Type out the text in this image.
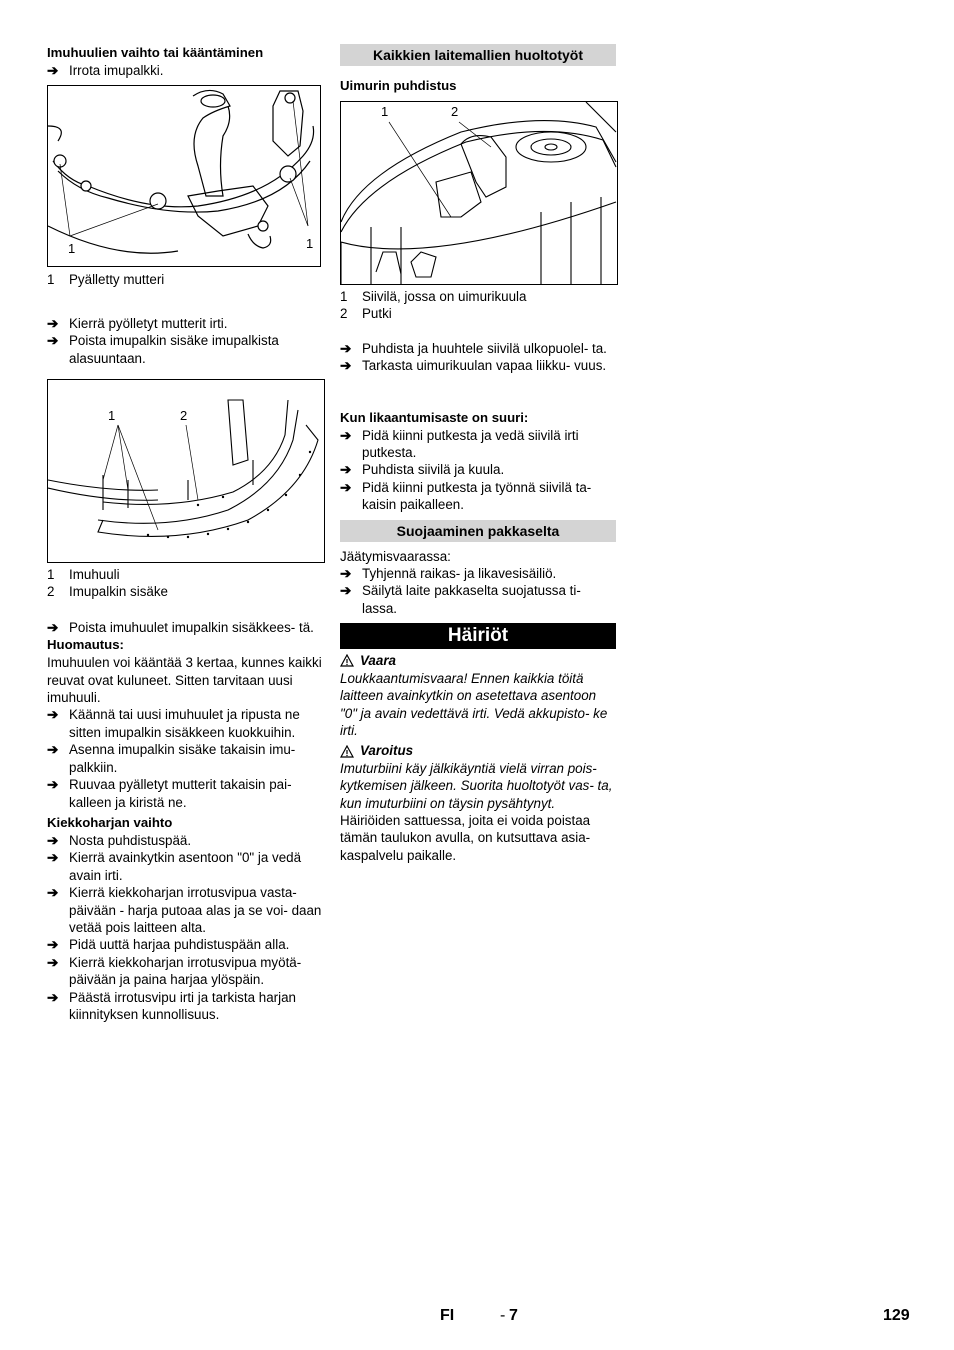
Imuhuulien vaihto tai kääntäminen
➔ Irrota imupalkki.
1	1
1	Pyälletty mutteri
➔ Kierrä pyölletyt mutterit irti.
➔ Poista imupalkin sisäke imupalkista alasuuntaan.
1	2
1	Imuhuuli
2	Imupalkin sisäke
➔ Poista imuhuulet imupalkin sisäkkees- tä.
Huomautus:
Imuhuulen voi kääntää 3 kertaa, kunnes kaikki reuvat ovat kuluneet. Sitten tarvitaan uusi imuhuuli.
➔ Käännä tai uusi imuhuulet ja ripusta ne sitten imupalkin sisäkkeen kuokkuihin.
➔ Asenna imupalkin sisäke takaisin imu- palkkiin.
➔ Ruuvaa pyälletyt mutterit takaisin pai- kalleen ja kiristä ne.
Kiekkoharjan vaihto
➔ Nosta puhdistuspää.
➔ Kierrä avainkytkin asentoon "0" ja vedä avain irti.
➔ Kierrä kiekkoharjan irrotusvipua vasta- päivään - harja putoaa alas ja se voi- daan vetää pois laitteen alta.
➔ Pidä uuttä harjaa puhdistuspään alla.
➔ Kierrä kiekkoharjan irrotusvipua myötä- päivään ja paina harjaa ylöspäin.
➔ Päästä irrotusvipu irti ja tarkista harjan kiinnityksen kunnollisuus.
Kaikkien laitemallien huoltotyöt
Uimurin puhdistus
1	2
1	Siivilä, jossa on uimurikuula
2	Putki
➔ Puhdista ja huuhtele siivilä ulkopuolel- ta.
➔ Tarkasta uimurikuulan vapaa liikku- vuus.
Kun likaantumisaste on suuri:
➔ Pidä kiinni putkesta ja vedä siivilä irti putkesta.
➔ Puhdista siivilä ja kuula.
➔ Pidä kiinni putkesta ja työnnä siivilä ta- kaisin paikalleen.
Suojaaminen pakkaselta
Jäätymisvaarassa:
➔ Tyhjennä raikas- ja likavesisäiliö.
➔ Säilytä laite pakkaselta suojatussa ti- lassa.
Häiriöt
Vaara
Loukkaantumisvaara! Ennen kaikkia töitä laitteen avainkytkin on asetettava asentoon "0" ja avain vedettävä irti. Vedä akkupisto- ke irti.
Varoitus
Imuturbiini käy jälkikäyntiä vielä virran pois- kytkemisen jälkeen. Suorita huoltotyöt vas- ta, kun imuturbiini on täysin pysähtynyt.
Häiriöiden sattuessa, joita ei voida poistaa tämän taulukon avulla, on kutsuttava asia- kaspalvelu paikalle.
FI	- 7	129
